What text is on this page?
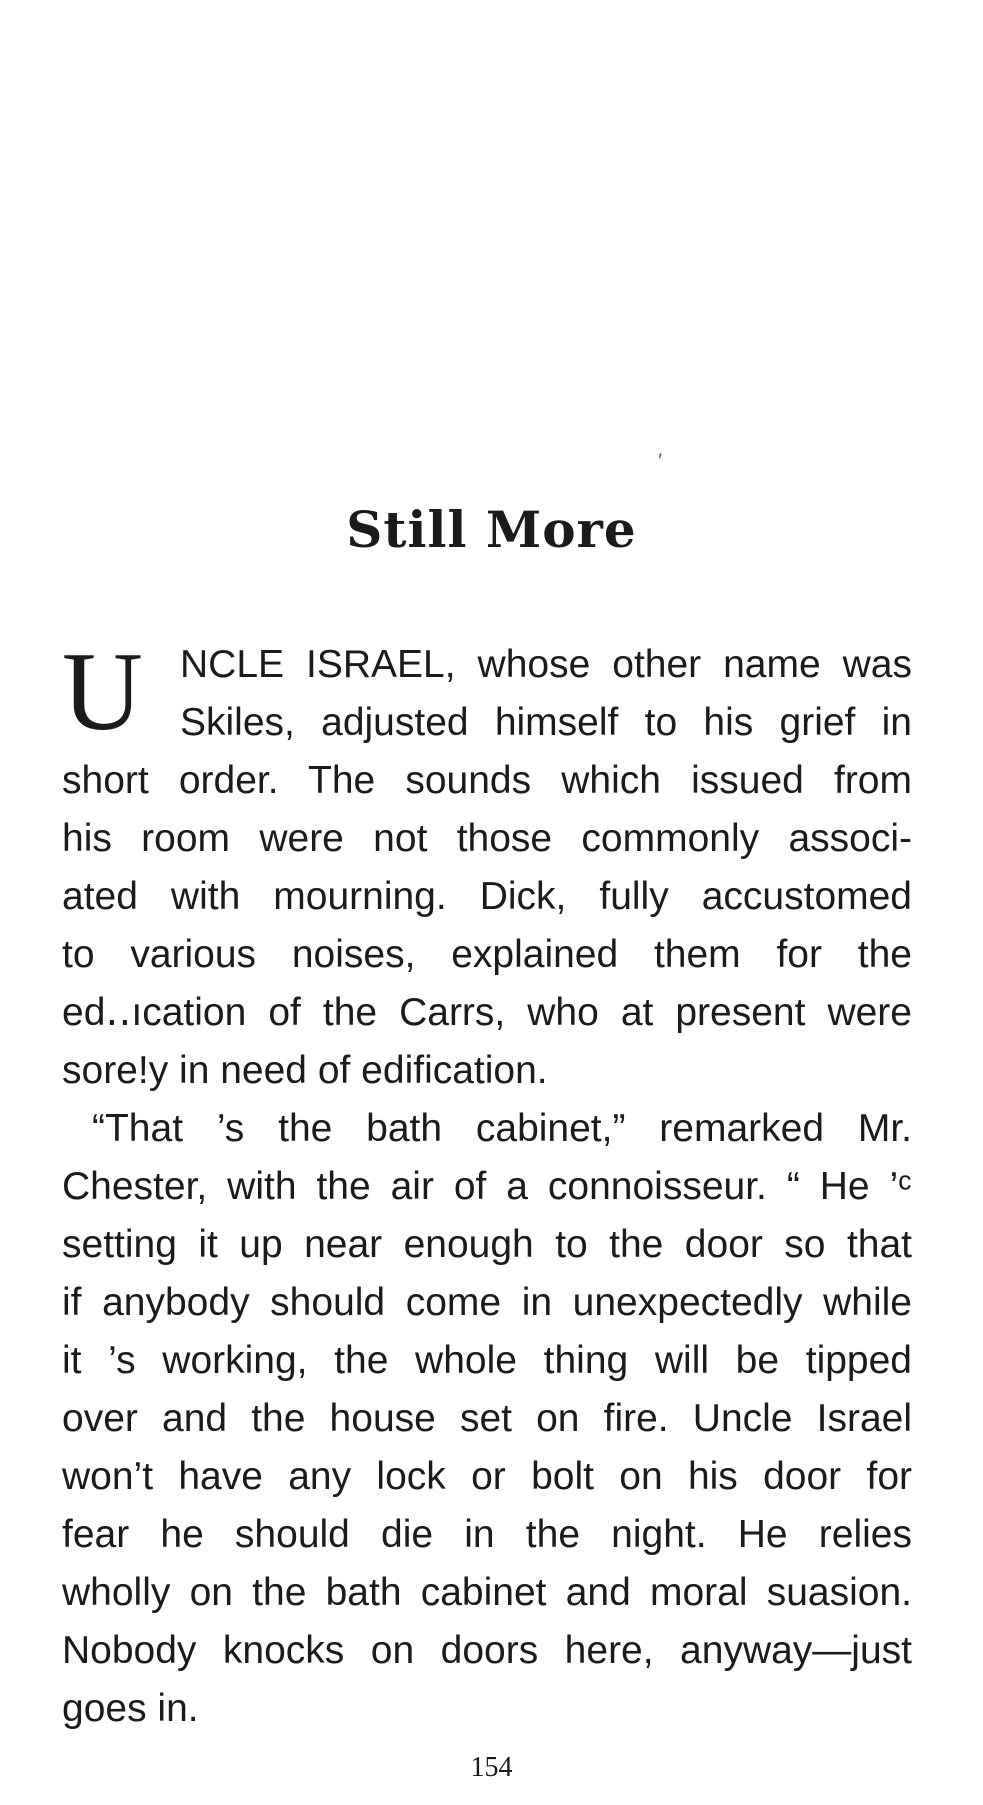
′
Still More
U NCLE ISRAEL, whose other name was
Skiles, adjusted himself to his grief in
short order. The sounds which issued from
his room were not those commonly associ-
ated with mourning. Dick, fully accustomed
to various noises, explained them for the
ed‥ıcation of the Carrs, who at present were
sore!y in need of edification.
“That ’s the bath cabinet,” remarked Mr.
Chester, with the air of a connoisseur. “ He ’ᶜ
setting it up near enough to the door so that
if anybody should come in unexpectedly while
it ’s working, the whole thing will be tipped
over and the house set on fire. Uncle Israel
won’t have any lock or bolt on his door for
fear he should die in the night. He relies
wholly on the bath cabinet and moral suasion.
Nobody knocks on doors here, anyway—just
goes in.
154
